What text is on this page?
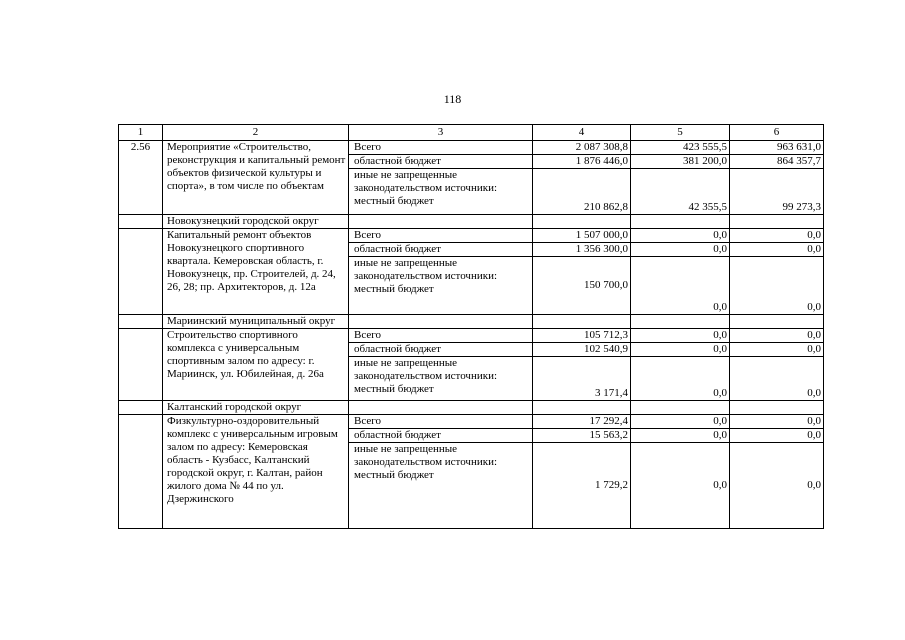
118
1	2	3	4	5	6
2.56	Мероприятие «Строительство, реконструкция и капитальный ремонт объектов физической культуры и спорта», в том числе по объектам	Всего	2 087 308,8	423 555,5	963 631,0
		областной бюджет	1 876 446,0	381 200,0	864 357,7
		иные не запрещенные законодательством источники: местный бюджет	210 862,8	42 355,5	99 273,3
	Новокузнецкий городской округ				
	Капитальный ремонт объектов Новокузнецкого спортивного квартала. Кемеровская область, г. Новокузнецк, пр. Строителей, д. 24, 26, 28; пр. Архитекторов, д. 12а	Всего	1 507 000,0	0,0	0,0
		областной бюджет	1 356 300,0	0,0	0,0
		иные не запрещенные законодательством источники: местный бюджет	150 700,0	0,0	0,0
	Мариинский муниципальный округ				
	Строительство спортивного комплекса с универсальным спортивным залом по адресу: г. Мариинск, ул. Юбилейная, д. 26а	Всего	105 712,3	0,0	0,0
		областной бюджет	102 540,9	0,0	0,0
		иные не запрещенные законодательством источники: местный бюджет	3 171,4	0,0	0,0
	Калтанский городской округ				
	Физкультурно-оздоровительный комплекс с универсальным игровым залом по адресу: Кемеровская область - Кузбасс, Калтанский городской округ, г. Калтан, район жилого дома № 44 по ул. Дзержинского	Всего	17 292,4	0,0	0,0
		областной бюджет	15 563,2	0,0	0,0
		иные не запрещенные законодательством источники: местный бюджет	1 729,2	0,0	0,0
